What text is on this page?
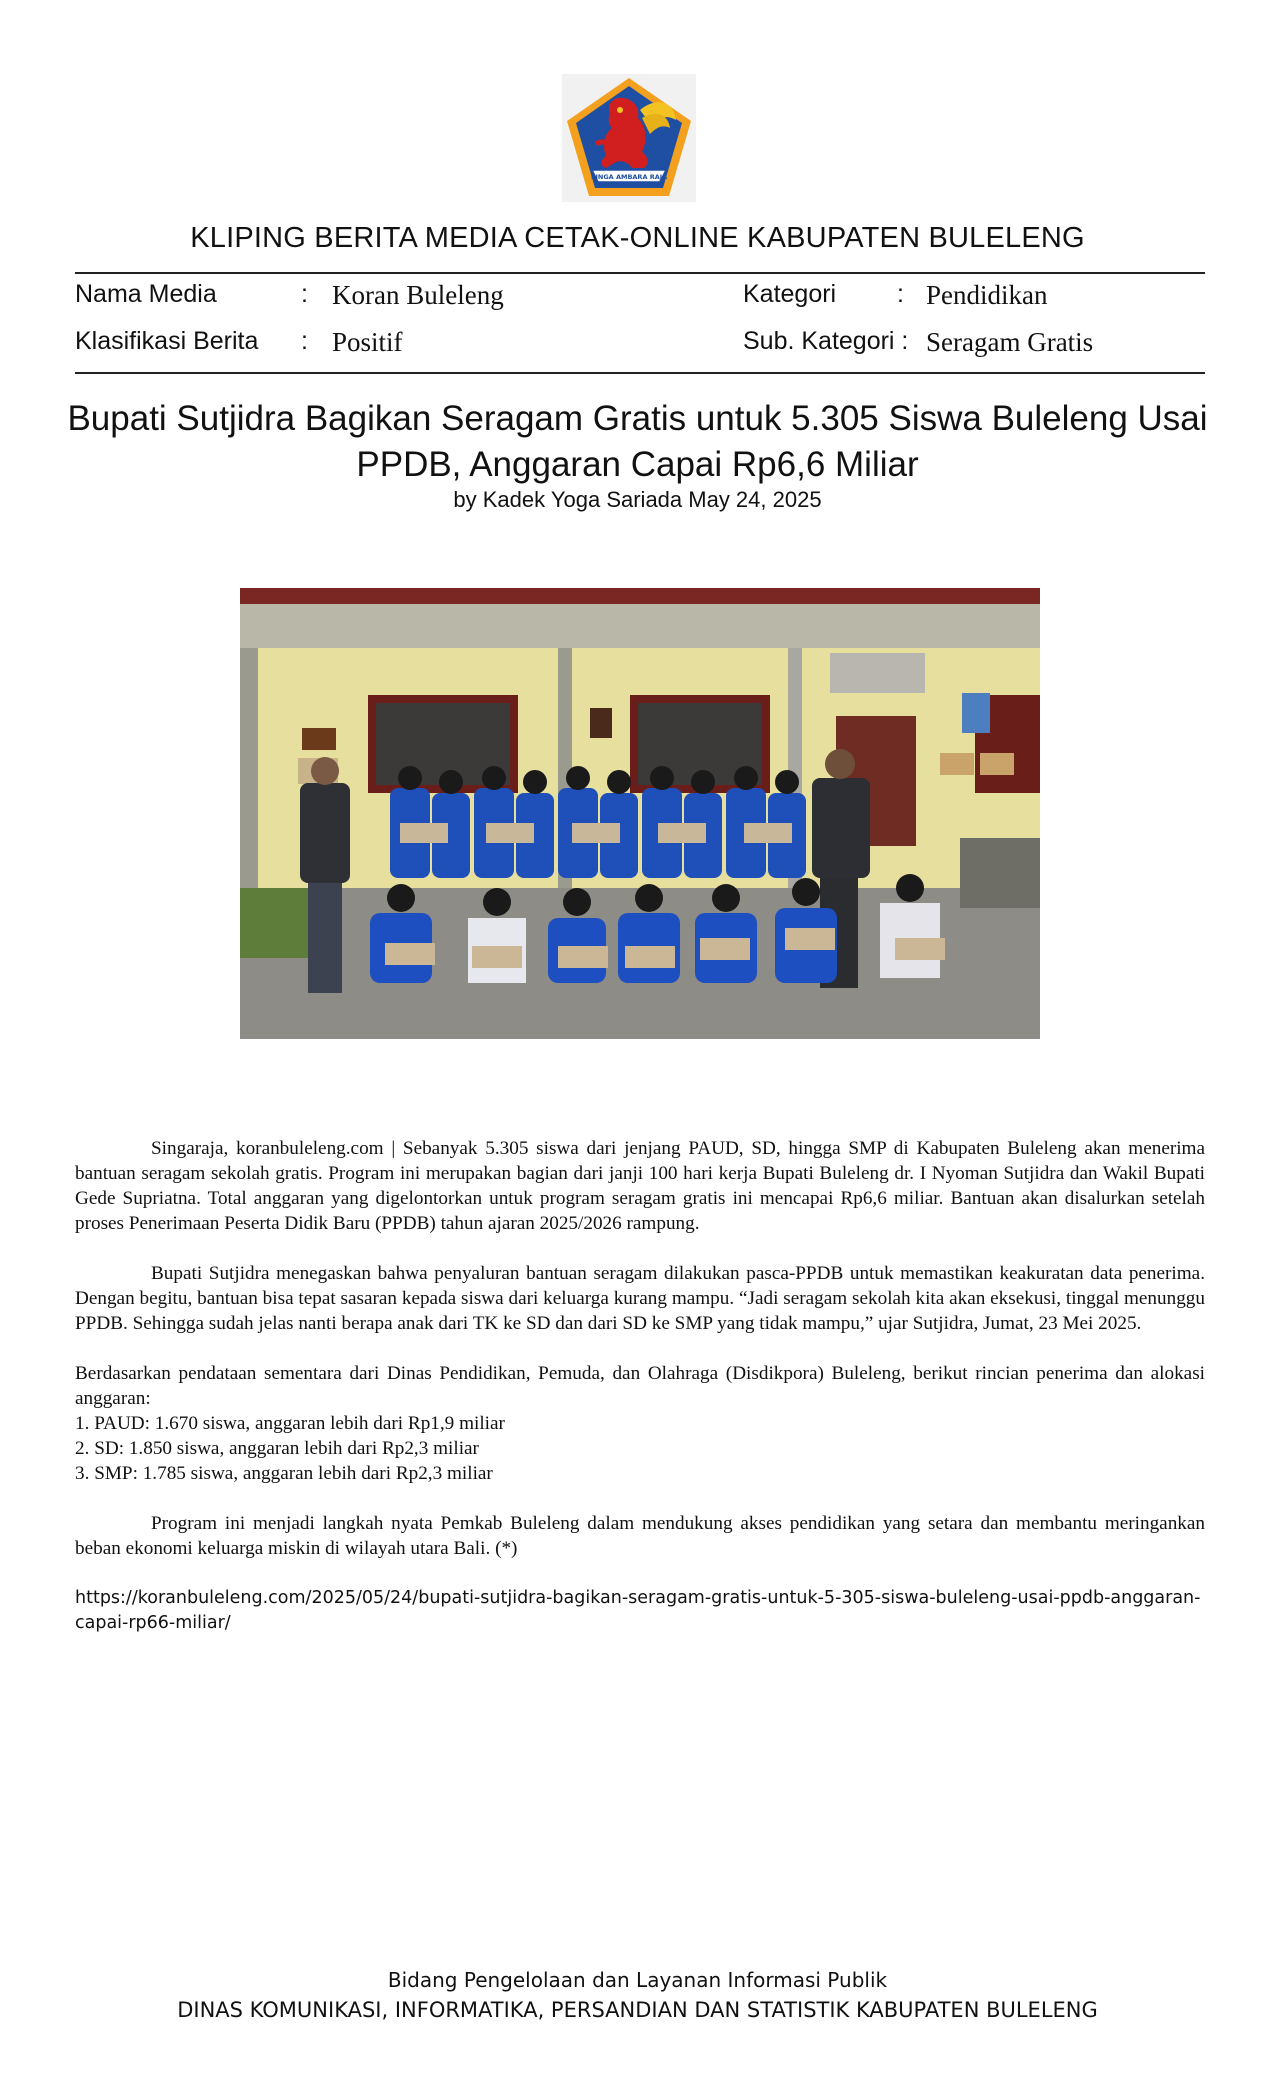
SINGA AMBARA RAJA
KLIPING BERITA MEDIA CETAK-ONLINE KABUPATEN BULELENG
Nama Media	: Koran Buleleng	Kategori : Pendidikan
Klasifikasi Berita : Positif	Sub. Kategori : Seragam Gratis
Bupati Sutjidra Bagikan Seragam Gratis untuk 5.305 Siswa Buleleng Usai
PPDB, Anggaran Capai Rp6,6 Miliar
by Kadek Yoga Sariada May 24, 2025

Singaraja, koranbuleleng.com | Sebanyak 5.305 siswa dari jenjang PAUD, SD, hingga SMP di Kabupaten Buleleng akan menerima bantuan seragam sekolah gratis. Program ini merupakan bagian dari janji 100 hari kerja Bupati Buleleng dr. I Nyoman Sutjidra dan Wakil Bupati Gede Supriatna. Total anggaran yang digelontorkan untuk program seragam gratis ini mencapai Rp6,6 miliar. Bantuan akan disalurkan setelah proses Penerimaan Peserta Didik Baru (PPDB) tahun ajaran 2025/2026 rampung.

Bupati Sutjidra menegaskan bahwa penyaluran bantuan seragam dilakukan pasca-PPDB untuk memastikan keakuratan data penerima. Dengan begitu, bantuan bisa tepat sasaran kepada siswa dari keluarga kurang mampu. “Jadi seragam sekolah kita akan eksekusi, tinggal menunggu PPDB. Sehingga sudah jelas nanti berapa anak dari TK ke SD dan dari SD ke SMP yang tidak mampu,” ujar Sutjidra, Jumat, 23 Mei 2025.

Berdasarkan pendataan sementara dari Dinas Pendidikan, Pemuda, dan Olahraga (Disdikpora) Buleleng, berikut rincian penerima dan alokasi anggaran:

1. PAUD: 1.670 siswa, anggaran lebih dari Rp1,9 miliar
2. SD: 1.850 siswa, anggaran lebih dari Rp2,3 miliar
3. SMP: 1.785 siswa, anggaran lebih dari Rp2,3 miliar

Program ini menjadi langkah nyata Pemkab Buleleng dalam mendukung akses pendidikan yang setara dan membantu meringankan beban ekonomi keluarga miskin di wilayah utara Bali. (*)

https://koranbuleleng.com/2025/05/24/bupati-sutjidra-bagikan-seragam-gratis-untuk-5-305-siswa-buleleng-usai-ppdb-anggaran-capai-rp66-miliar/
Bidang Pengelolaan dan Layanan Informasi Publik
DINAS KOMUNIKASI, INFORMATIKA, PERSANDIAN DAN STATISTIK KABUPATEN BULELENG
